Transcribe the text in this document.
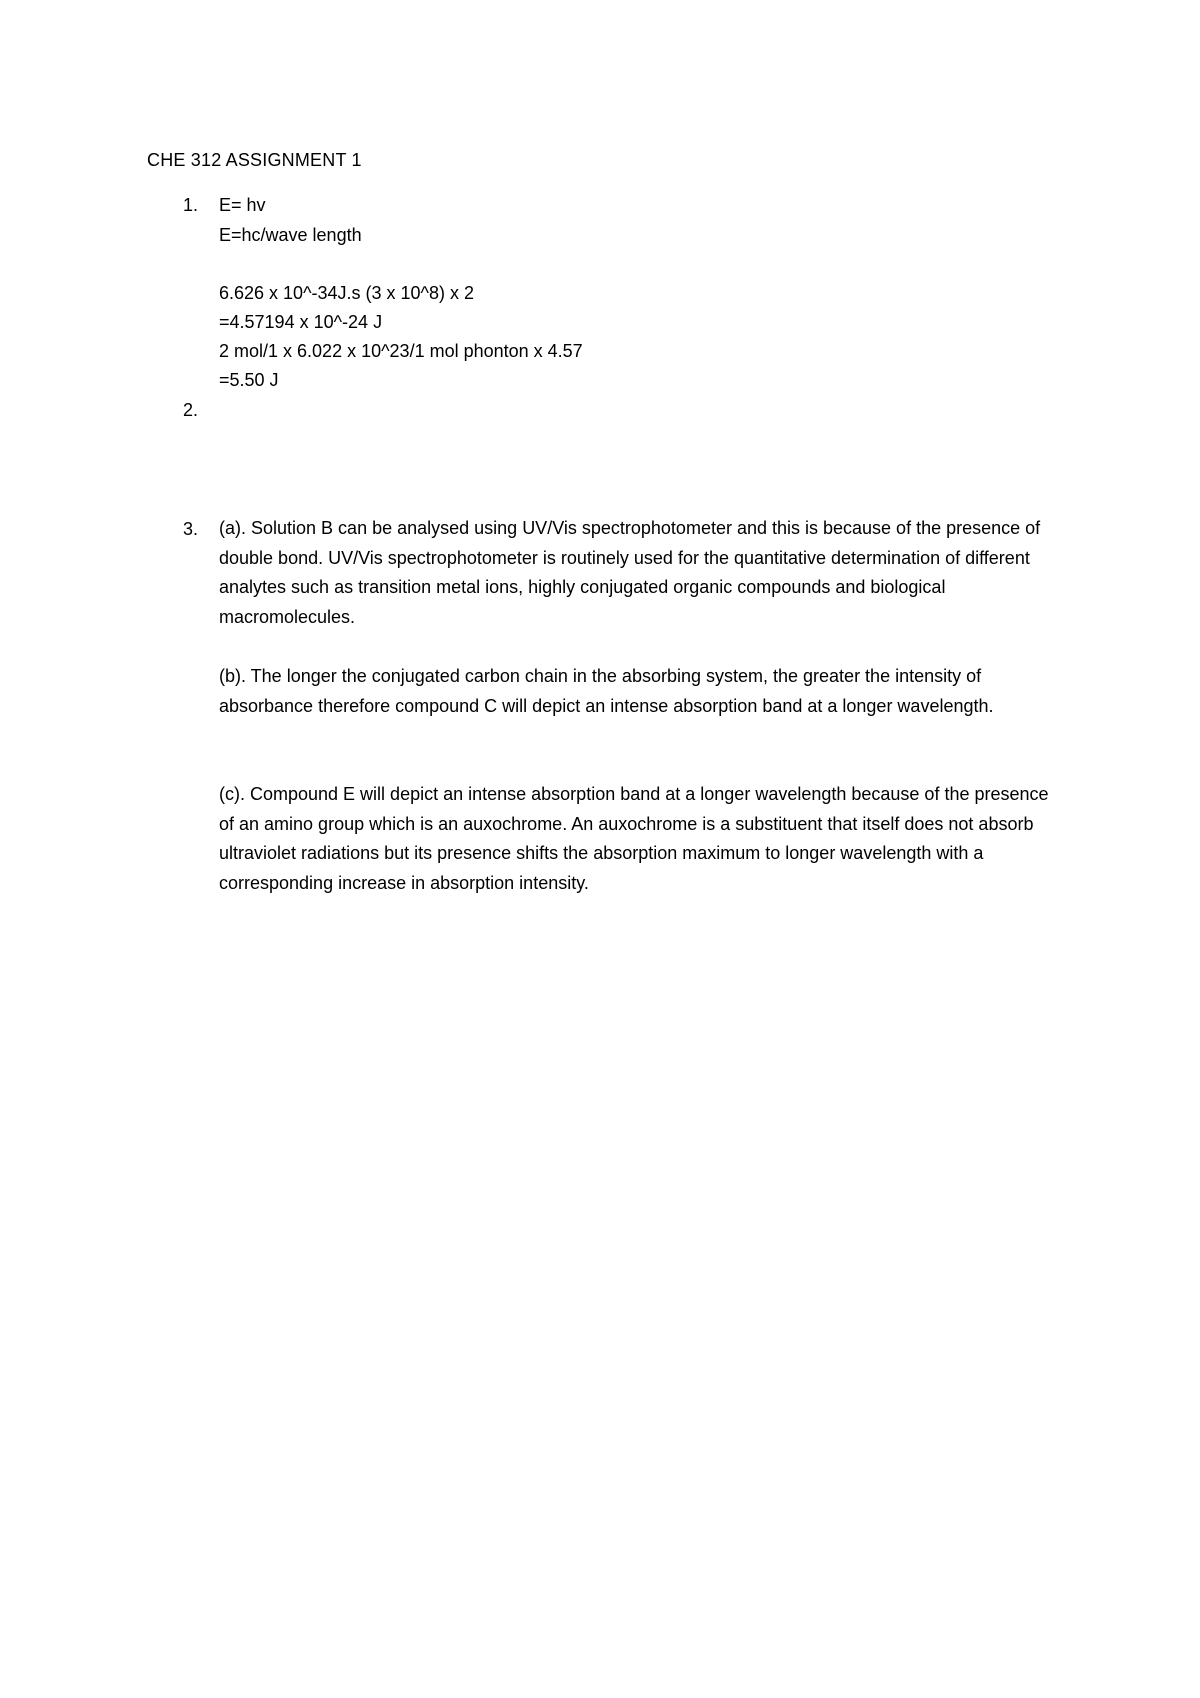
CHE 312 ASSIGNMENT 1
1. E= hv
E=hc/wave length
6.626 x 10^-34J.s (3 x 10^8) x 2
=4.57194 x 10^-24 J
2 mol/1 x 6.022 x 10^23/1 mol phonton x 4.57
=5.50 J
2.
3. (a). Solution B can be analysed using UV/Vis spectrophotometer and this is because of the presence of double bond. UV/Vis spectrophotometer is routinely used for the quantitative determination of different analytes such as transition metal ions, highly conjugated organic compounds and biological macromolecules.
(b). The longer the conjugated carbon chain in the absorbing system, the greater the intensity of absorbance therefore compound C will depict an intense absorption band at a longer wavelength.
(c). Compound E will depict an intense absorption band at a longer wavelength because of the presence of an amino group which is an auxochrome. An auxochrome is a substituent that itself does not absorb ultraviolet radiations but its presence shifts the absorption maximum to longer wavelength with a corresponding increase in absorption intensity.
